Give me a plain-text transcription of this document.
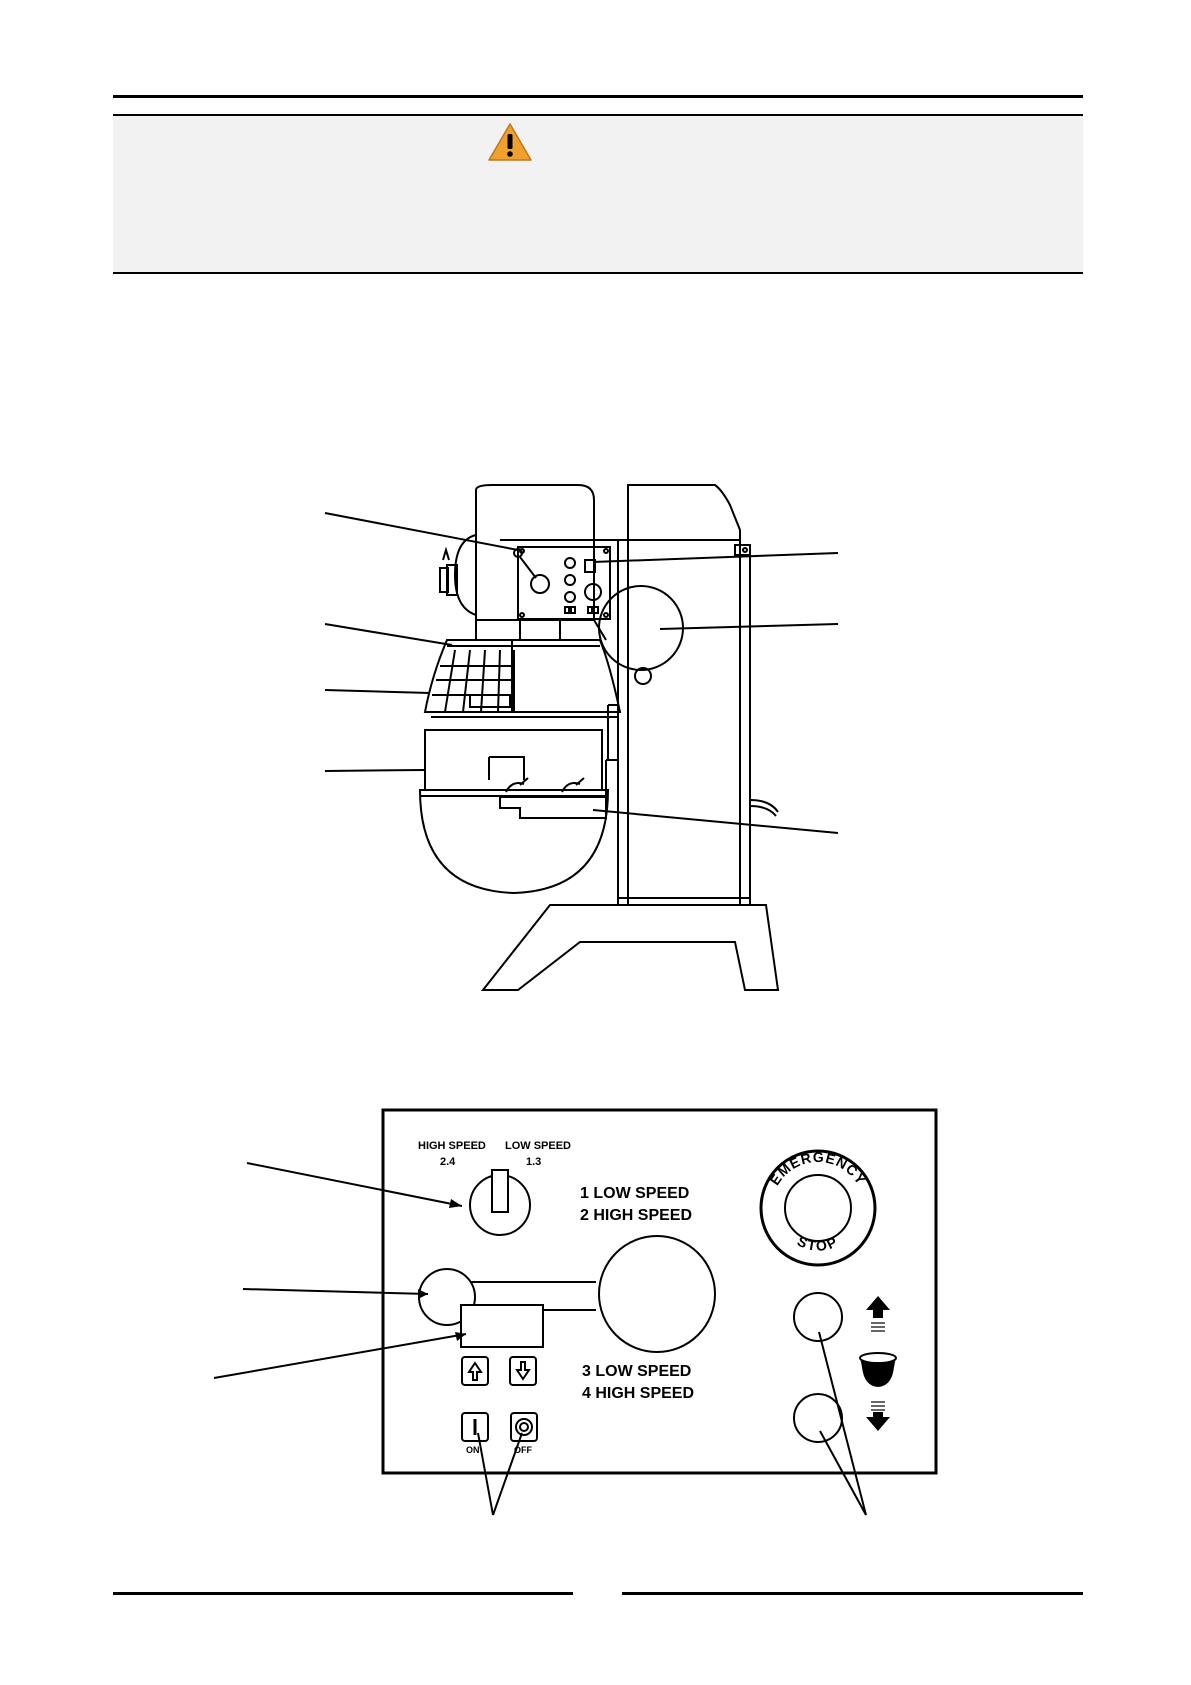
HIGH SPEED
2.4
LOW SPEED
1.3
1 LOW SPEED
2 HIGH SPEED
3 LOW SPEED
4 HIGH SPEED
EMERGENCY
STOP
ON	OFF
